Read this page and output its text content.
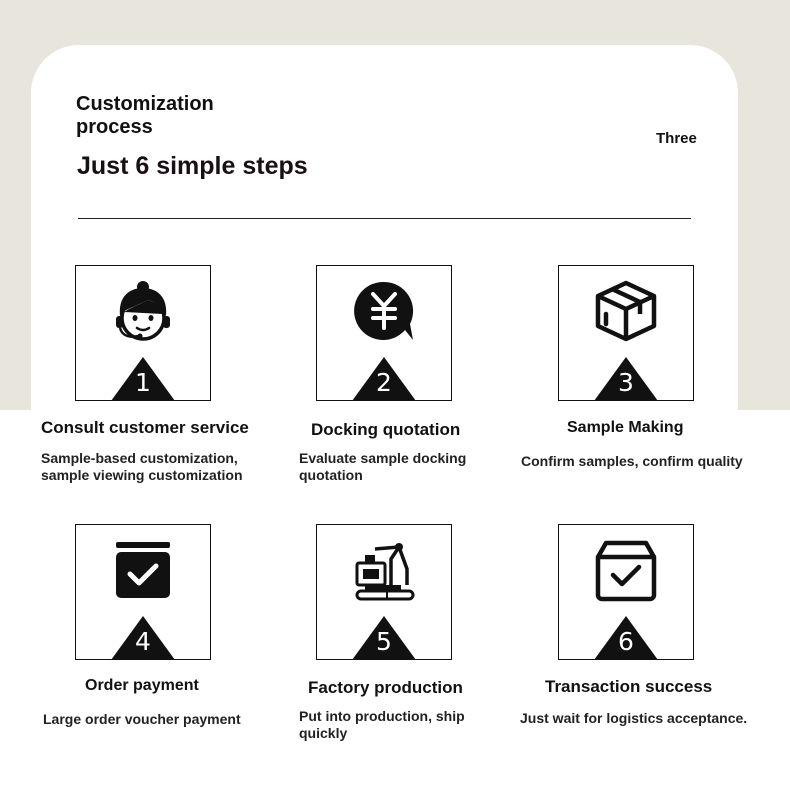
Customization process
Just 6 simple steps
Three
1
Consult customer service
Sample-based customization, sample viewing customization
2
Docking quotation
Evaluate sample docking quotation
3
Sample Making
Confirm samples, confirm quality
4
Order payment
Large order voucher payment
5
Factory production
Put into production, ship quickly
6
Transaction success
Just wait for logistics acceptance.
